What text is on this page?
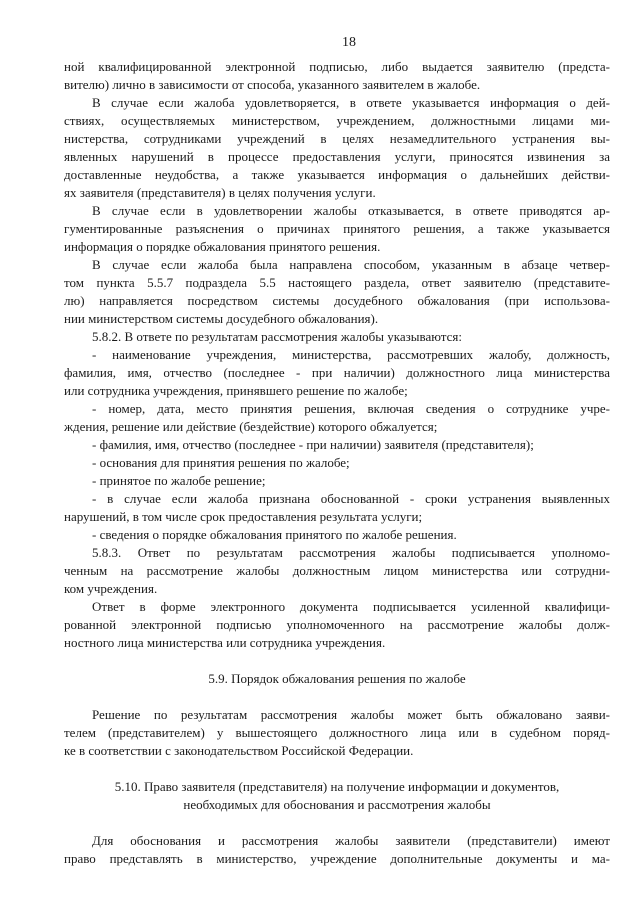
18
ной квалифицированной электронной подписью, либо выдается заявителю (предста-
вителю) лично в зависимости от способа, указанного заявителем в жалобе.
В случае если жалоба удовлетворяется, в ответе указывается информация о дей-
ствиях, осуществляемых министерством, учреждением, должностными лицами ми-
нистерства, сотрудниками учреждений в целях незамедлительного устранения вы-
явленных нарушений в процессе предоставления услуги, приносятся извинения за
доставленные неудобства, а также указывается информация о дальнейших действи-
ях заявителя (представителя) в целях получения услуги.
В случае если в удовлетворении жалобы отказывается, в ответе приводятся ар-
гументированные разъяснения о причинах принятого решения, а также указывается
информация о порядке обжалования принятого решения.
В случае если жалоба была направлена способом, указанным в абзаце четвер-
том пункта 5.5.7 подраздела 5.5 настоящего раздела, ответ заявителю (представите-
лю) направляется посредством системы досудебного обжалования (при использова-
нии министерством системы досудебного обжалования).
5.8.2. В ответе по результатам рассмотрения жалобы указываются:
- наименование учреждения, министерства, рассмотревших жалобу, должность,
фамилия, имя, отчество (последнее - при наличии) должностного лица министерства
или сотрудника учреждения, принявшего решение по жалобе;
- номер, дата, место принятия решения, включая сведения о сотруднике учре-
ждения, решение или действие (бездействие) которого обжалуется;
- фамилия, имя, отчество (последнее - при наличии) заявителя (представителя);
- основания для принятия решения по жалобе;
- принятое по жалобе решение;
- в случае если жалоба признана обоснованной - сроки устранения выявленных
нарушений, в том числе срок предоставления результата услуги;
- сведения о порядке обжалования принятого по жалобе решения.
5.8.3. Ответ по результатам рассмотрения жалобы подписывается уполномо-
ченным на рассмотрение жалобы должностным лицом министерства или сотрудни-
ком учреждения.
Ответ в форме электронного документа подписывается усиленной квалифици-
рованной электронной подписью уполномоченного на рассмотрение жалобы долж-
ностного лица министерства или сотрудника учреждения.
5.9. Порядок обжалования решения по жалобе
Решение по результатам рассмотрения жалобы может быть обжаловано заяви-
телем (представителем) у вышестоящего должностного лица или в судебном поряд-
ке в соответствии с законодательством Российской Федерации.
5.10. Право заявителя (представителя) на получение информации и документов,
необходимых для обоснования и рассмотрения жалобы
Для обоснования и рассмотрения жалобы заявители (представители) имеют
право представлять в министерство, учреждение дополнительные документы и ма-
